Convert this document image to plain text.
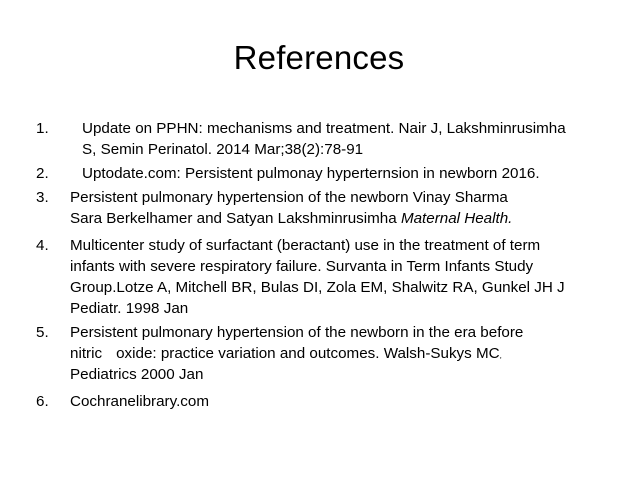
References
1.	Update on PPHN: mechanisms and treatment. Nair J, Lakshminrusimha
S, Semin Perinatol. 2014 Mar;38(2):78-91
2.	Uptodate.com: Persistent pulmonay hyperternsion in newborn 2016.
3.	Persistent pulmonary hypertension of the newborn Vinay Sharma
Sara Berkelhamer and Satyan Lakshminrusimha Maternal Health.
4.	Multicenter study of surfactant (beractant) use in the treatment of term
infants with severe respiratory failure. Survanta in Term Infants Study
Group.Lotze A, Mitchell BR, Bulas DI, Zola EM, Shalwitz RA, Gunkel JH J
Pediatr. 1998 Jan
5.	Persistent pulmonary hypertension of the newborn in the era before
nitric oxide: practice variation and outcomes. Walsh-Sukys MC,
Pediatrics 2000 Jan
6.	Cochranelibrary.com
